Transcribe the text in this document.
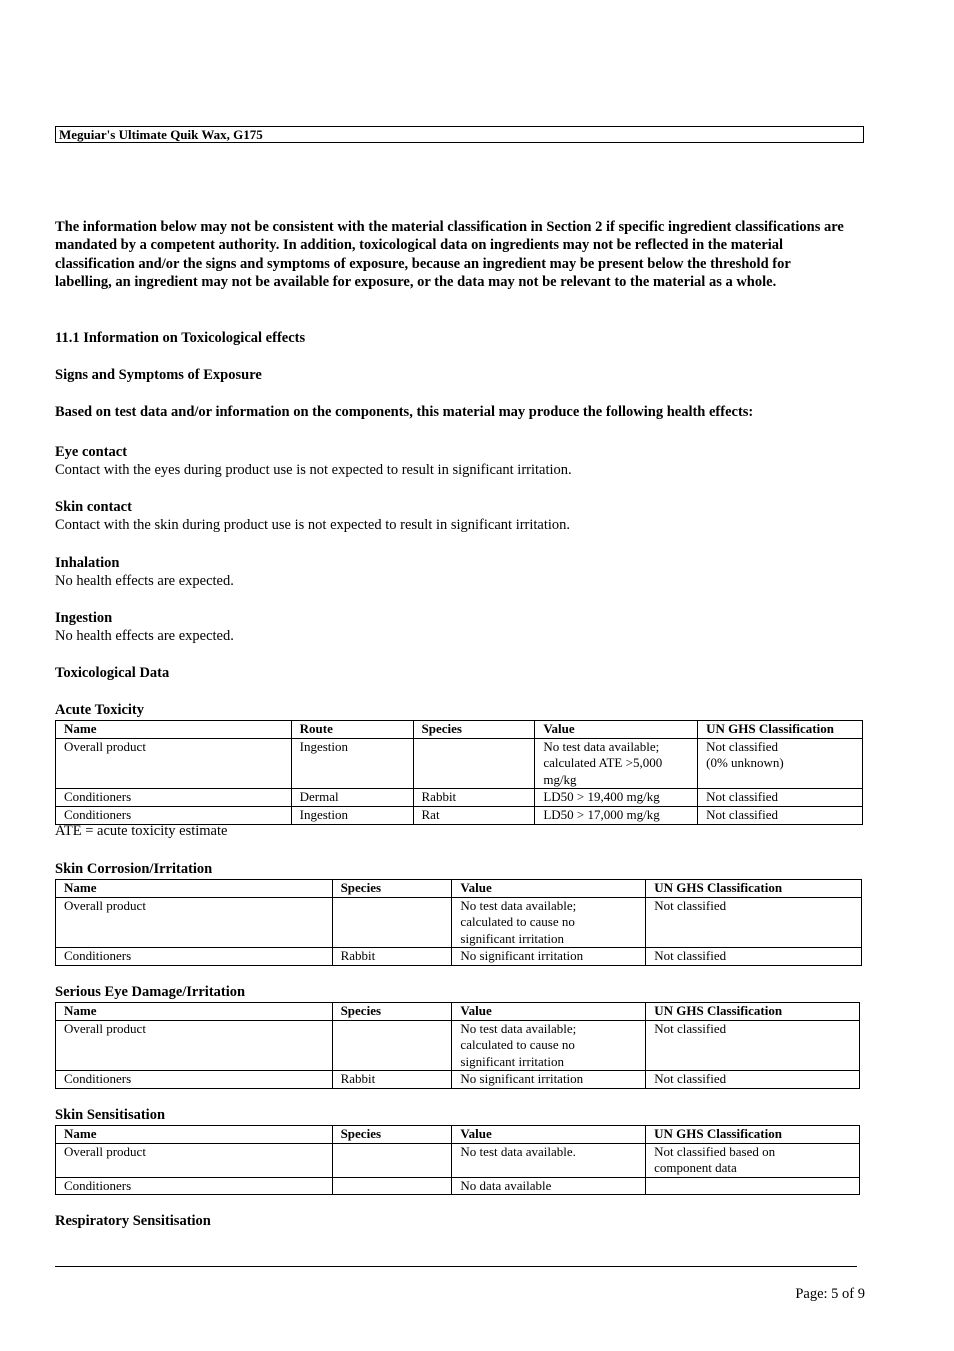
Meguiar's Ultimate Quik Wax, G175

The information below may not be consistent with the material classification in Section 2 if specific ingredient classifications are mandated by a competent authority. In addition, toxicological data on ingredients may not be reflected in the material classification and/or the signs and symptoms of exposure, because an ingredient may be present below the threshold for labelling, an ingredient may not be available for exposure, or the data may not be relevant to the material as a whole.

11.1 Information on Toxicological effects
Signs and Symptoms of Exposure
Based on test data and/or information on the components, this material may produce the following health effects:
Eye contact
Contact with the eyes during product use is not expected to result in significant irritation.
Skin contact
Contact with the skin during product use is not expected to result in significant irritation.
Inhalation
No health effects are expected.
Ingestion
No health effects are expected.
Toxicological Data
Acute Toxicity
Name	Route	Species	Value	UN GHS Classification
Overall product	Ingestion		No test data available; calculated ATE >5,000 mg/kg	Not classified
(0% unknown)
Conditioners	Dermal	Rabbit	LD50 > 19,400 mg/kg	Not classified
Conditioners	Ingestion	Rat	LD50 > 17,000 mg/kg	Not classified
ATE = acute toxicity estimate
Skin Corrosion/Irritation
Name	Species	Value	UN GHS Classification
Overall product		No test data available; calculated to cause no significant irritation	Not classified
Conditioners	Rabbit	No significant irritation	Not classified
Serious Eye Damage/Irritation
Name	Species	Value	UN GHS Classification
Overall product		No test data available; calculated to cause no significant irritation	Not classified
Conditioners	Rabbit	No significant irritation	Not classified
Skin Sensitisation
Name	Species	Value	UN GHS Classification
Overall product		No test data available.	Not classified based on component data
Conditioners		No data available	
Respiratory Sensitisation
Page: 5 of 9
